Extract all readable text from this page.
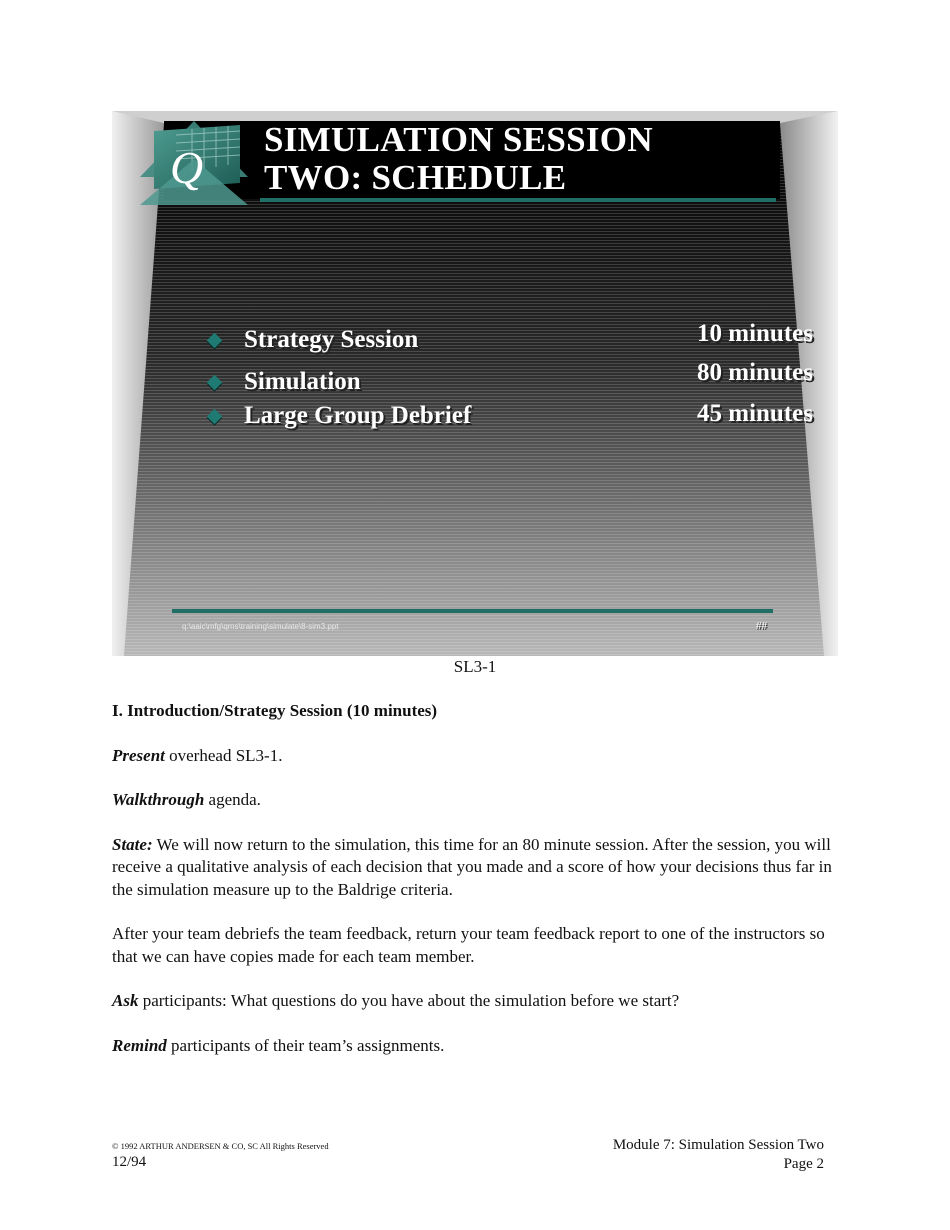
Q
SIMULATION SESSION
TWO: SCHEDULE
Strategy Session	10 minutes
Simulation	80 minutes
Large Group Debrief	45 minutes
q:\aaic\mfg\qms\training\simulate\8-sim3.ppt	##
SL3-1

I. Introduction/Strategy Session (10 minutes)

Present overhead SL3-1.

Walkthrough agenda.

State: We will now return to the simulation, this time for an 80 minute session. After the session, you will receive a qualitative analysis of each decision that you made and a score of how your decisions thus far in the simulation measure up to the Baldrige criteria.

After your team debriefs the team feedback, return your team feedback report to one of the instructors so that we can have copies made for each team member.

Ask participants: What questions do you have about the simulation before we start?

Remind participants of their team’s assignments.

© 1992 ARTHUR ANDERSEN & CO, SC All Rights Reserved
12/94
Module 7: Simulation Session Two
Page 2
